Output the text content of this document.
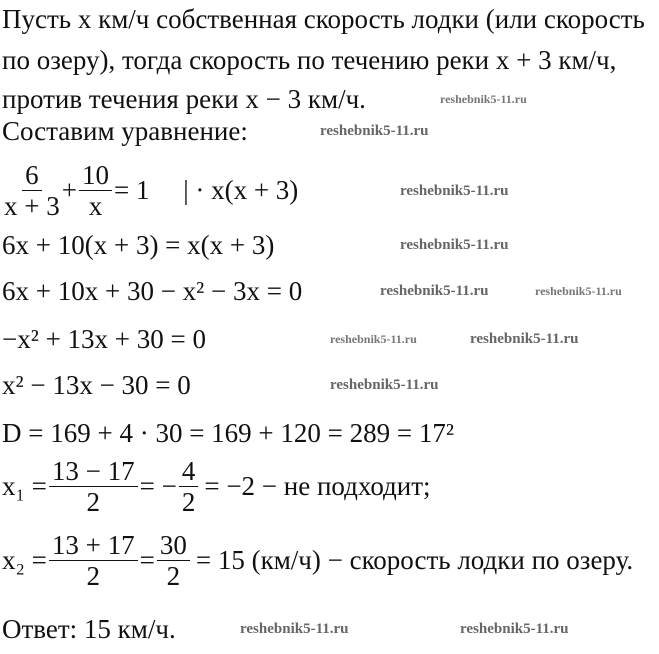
Пусть x км/ч собственная скорость лодки (или скорость
по озеру), тогда скорость по течению реки x + 3 км/ч,
против течения реки x − 3 км/ч.
Составим уравнение:
$\frac{6}{x + 3} + \frac{10}{x} = 1$     | · x(x + 3)
6x + 10(x + 3) = x(x + 3)
6x + 10x + 30 − x² − 3x = 0
−x² + 13x + 30 = 0
x² − 13x − 30 = 0
D = 169 + 4 · 30 = 169 + 120 = 289 = 17²
$x_1 = \frac{13 - 17}{2}$ = − $\frac{4}{2} = -2$ − не подходит;
$x_2 = \frac{13 + 17}{2} = \frac{30}{2} = 15$ (км/ч) − скорость лодки по озеру.
Ответ: 15 км/ч.
reshebnik5-11.ru
reshebnik5-11.ru
reshebnik5-11.ru
reshebnik5-11.ru
reshebnik5-11.ru	reshebnik5-11.ru
reshebnik5-11.ru	reshebnik5-11.ru
reshebnik5-11.ru
reshebnik5-11.ru	reshebnik5-11.ru
